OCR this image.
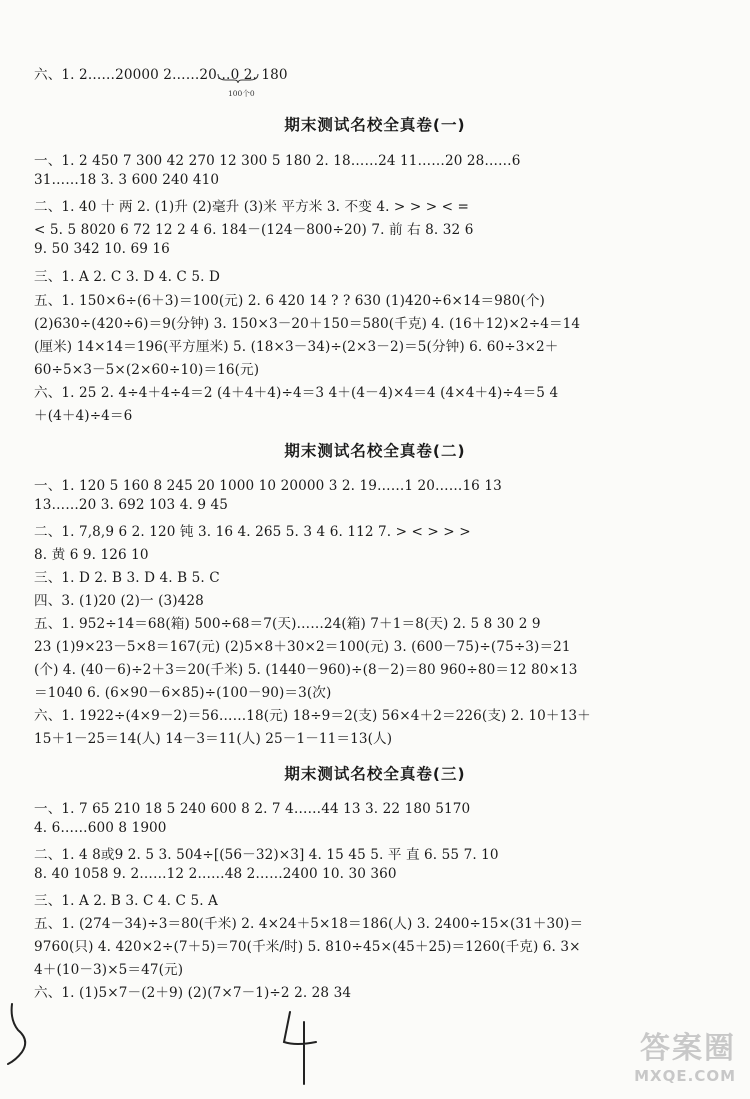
六、1. 2……20000 2……20…0 2. 180
100个0
期末测试名校全真卷(一)
一、1. 2 450 7 300 42 270 12 300 5 180 2. 18……24 11……20 28……6
31……18 3. 3 600 240 410
二、1. 40 十 两 2. (1)升 (2)毫升 (3)米 平方米 3. 不变 4. > > > < =
< 5. 5 8020 6 72 12 2 4 6. 184－(124－800÷20) 7. 前 右 8. 32 6
9. 50 342 10. 69 16
三、1. A 2. C 3. D 4. C 5. D
五、1. 150×6÷(6＋3)＝100(元) 2. 6 420 14 ? ? 630 (1)420÷6×14＝980(个)
(2)630÷(420÷6)＝9(分钟) 3. 150×3－20＋150＝580(千克) 4. (16＋12)×2÷4＝14
(厘米) 14×14＝196(平方厘米) 5. (18×3－34)÷(2×3－2)＝5(分钟) 6. 60÷3×2＋
60÷5×3－5×(2×60÷10)＝16(元)
六、1. 25 2. 4÷4＋4÷4＝2 (4＋4＋4)÷4＝3 4＋(4－4)×4＝4 (4×4＋4)÷4＝5 4
＋(4＋4)÷4＝6
期末测试名校全真卷(二)
一、1. 120 5 160 8 245 20 1000 10 20000 3 2. 19……1 20……16 13
13……20 3. 692 103 4. 9 45
二、1. 7,8,9 6 2. 120 钝 3. 16 4. 265 5. 3 4 6. 112 7. > < > > >
8. 黄 6 9. 126 10
三、1. D 2. B 3. D 4. B 5. C
四、3. (1)20 (2)一 (3)428
五、1. 952÷14＝68(箱) 500÷68＝7(天)……24(箱) 7＋1＝8(天) 2. 5 8 30 2 9
23 (1)9×23－5×8＝167(元) (2)5×8＋30×2＝100(元) 3. (600－75)÷(75÷3)＝21
(个) 4. (40－6)÷2＋3＝20(千米) 5. (1440－960)÷(8－2)＝80 960÷80＝12 80×13
＝1040 6. (6×90－6×85)÷(100－90)＝3(次)
六、1. 1922÷(4×9－2)＝56……18(元) 18÷9＝2(支) 56×4＋2＝226(支) 2. 10＋13＋
15＋1－25＝14(人) 14－3＝11(人) 25－1－11＝13(人)
期末测试名校全真卷(三)
一、1. 7 65 210 18 5 240 600 8 2. 7 4……44 13 3. 22 180 5170
4. 6……600 8 1900
二、1. 4 8或9 2. 5 3. 504÷[(56－32)×3] 4. 15 45 5. 平 直 6. 55 7. 10
8. 40 1058 9. 2……12 2……48 2……2400 10. 30 360
三、1. A 2. B 3. C 4. C 5. A
五、1. (274－34)÷3＝80(千米) 2. 4×24＋5×18＝186(人) 3. 2400÷15×(31＋30)＝
9760(只) 4. 420×2÷(7＋5)＝70(千米/时) 5. 810÷45×(45＋25)＝1260(千克) 6. 3×
4＋(10－3)×5＝47(元)
六、1. (1)5×7－(2＋9) (2)(7×7－1)÷2 2. 28 34
答案圈
MXQE.COM
